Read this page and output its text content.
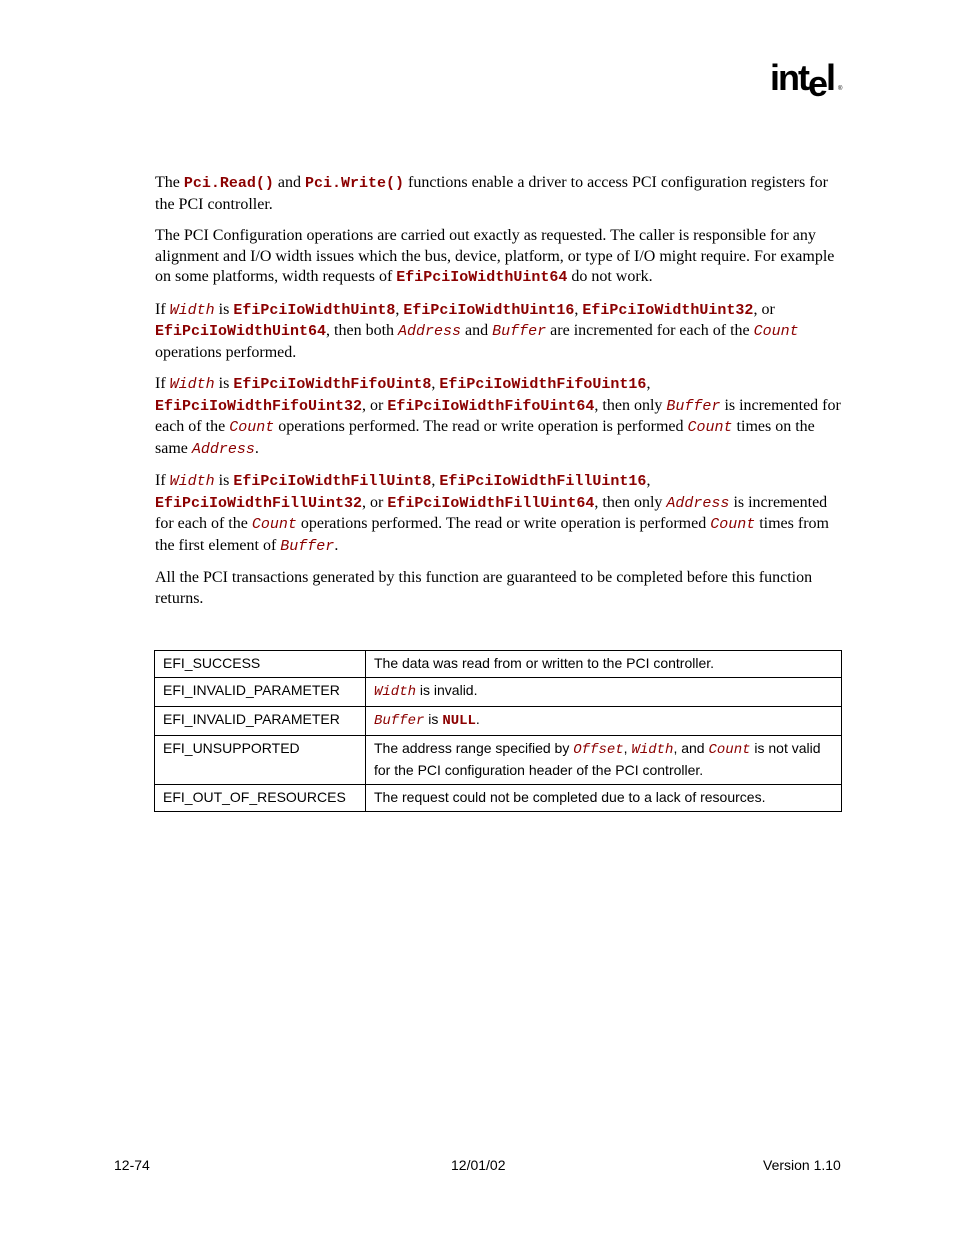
intel ®

The Pci.Read() and Pci.Write() functions enable a driver to access PCI configuration registers for the PCI controller.

The PCI Configuration operations are carried out exactly as requested. The caller is responsible for any alignment and I/O width issues which the bus, device, platform, or type of I/O might require. For example on some platforms, width requests of EfiPciIoWidthUint64 do not work.

If Width is EfiPciIoWidthUint8, EfiPciIoWidthUint16, EfiPciIoWidthUint32, or EfiPciIoWidthUint64, then both Address and Buffer are incremented for each of the Count operations performed.

If Width is EfiPciIoWidthFifoUint8, EfiPciIoWidthFifoUint16, EfiPciIoWidthFifoUint32, or EfiPciIoWidthFifoUint64, then only Buffer is incremented for each of the Count operations performed. The read or write operation is performed Count times on the same Address.

If Width is EfiPciIoWidthFillUint8, EfiPciIoWidthFillUint16, EfiPciIoWidthFillUint32, or EfiPciIoWidthFillUint64, then only Address is incremented for each of the Count operations performed. The read or write operation is performed Count times from the first element of Buffer.

All the PCI transactions generated by this function are guaranteed to be completed before this function returns.

EFI_SUCCESS	The data was read from or written to the PCI controller.
EFI_INVALID_PARAMETER	Width is invalid.
EFI_INVALID_PARAMETER	Buffer is NULL.
EFI_UNSUPPORTED	The address range specified by Offset, Width, and Count is not valid for the PCI configuration header of the PCI controller.
EFI_OUT_OF_RESOURCES	The request could not be completed due to a lack of resources.
12-74	12/01/02	Version 1.10
